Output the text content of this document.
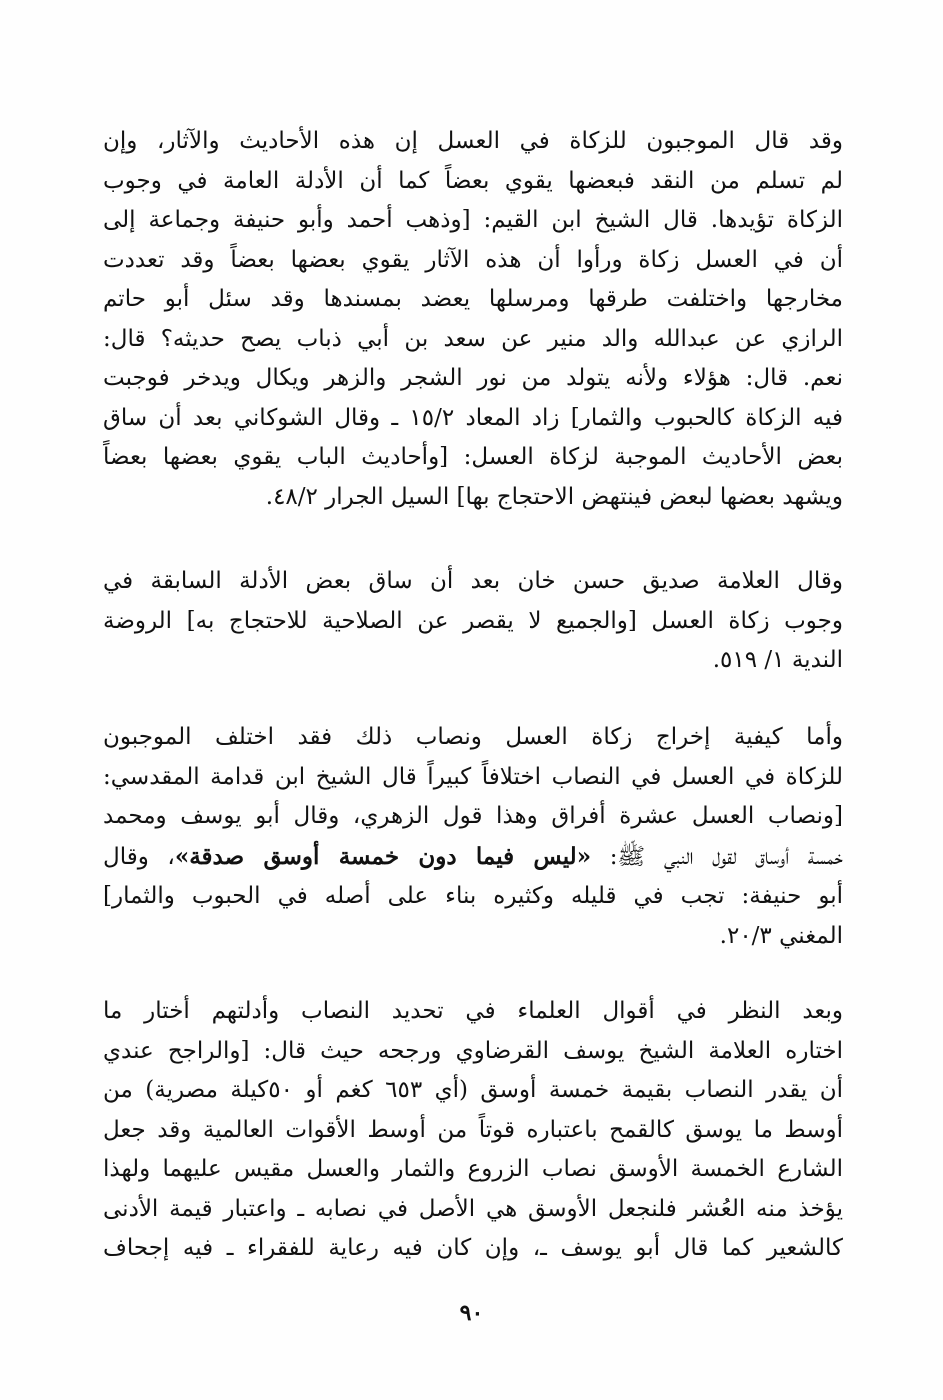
وقد قال الموجبون للزكاة في العسل إن هذه الأحاديث والآثار، وإن
لم تسلم من النقد فبعضها يقوي بعضاً كما أن الأدلة العامة في وجوب
الزكاة تؤيدها. قال الشيخ ابن القيم: [وذهب أحمد وأبو حنيفة وجماعة إلى
أن في العسل زكاة ورأوا أن هذه الآثار يقوي بعضها بعضاً وقد تعددت
مخارجها واختلفت طرقها ومرسلها يعضد بمسندها وقد سئل أبو حاتم
الرازي عن عبدالله والد منير عن سعد بن أبي ذباب يصح حديثه؟ قال:
نعم. قال: هؤلاء ولأنه يتولد من نور الشجر والزهر ويكال ويدخر فوجبت
فيه الزكاة كالحبوب والثمار] زاد المعاد ١٥/٢ ـ وقال الشوكاني بعد أن ساق
بعض الأحاديث الموجبة لزكاة العسل: [وأحاديث الباب يقوي بعضها بعضاً
ويشهد بعضها لبعض فينتهض الاحتجاج بها] السيل الجرار ٤٨/٢.
وقال العلامة صديق حسن خان بعد أن ساق بعض الأدلة السابقة في
وجوب زكاة العسل [والجميع لا يقصر عن الصلاحية للاحتجاج به] الروضة
الندية ١/ ٥١٩.
وأما كيفية إخراج زكاة العسل ونصاب ذلك فقد اختلف الموجبون
للزكاة في العسل في النصاب اختلافاً كبيراً قال الشيخ ابن قدامة المقدسي:
[ونصاب العسل عشرة أفراق وهذا قول الزهري، وقال أبو يوسف ومحمد
خمسة أوساق لقول النبي ﷺ: «ليس فيما دون خمسة أوسق صدقة»، وقال
أبو حنيفة: تجب في قليله وكثيره بناء على أصله في الحبوب والثمار]
المغني ٢٠/٣.
وبعد النظر في أقوال العلماء في تحديد النصاب وأدلتهم أختار ما
اختاره العلامة الشيخ يوسف القرضاوي ورجحه حيث قال: [والراجح عندي
أن يقدر النصاب بقيمة خمسة أوسق (أي ٦٥٣ كغم أو ٥٠كيلة مصرية) من
أوسط ما يوسق كالقمح باعتباره قوتاً من أوسط الأقوات العالمية وقد جعل
الشارع الخمسة الأوسق نصاب الزروع والثمار والعسل مقيس عليهما ولهذا
يؤخذ منه العُشر فلنجعل الأوسق هي الأصل في نصابه ـ واعتبار قيمة الأدنى
كالشعير كما قال أبو يوسف ـ، وإن كان فيه رعاية للفقراء ـ فيه إجحاف
٩٠
